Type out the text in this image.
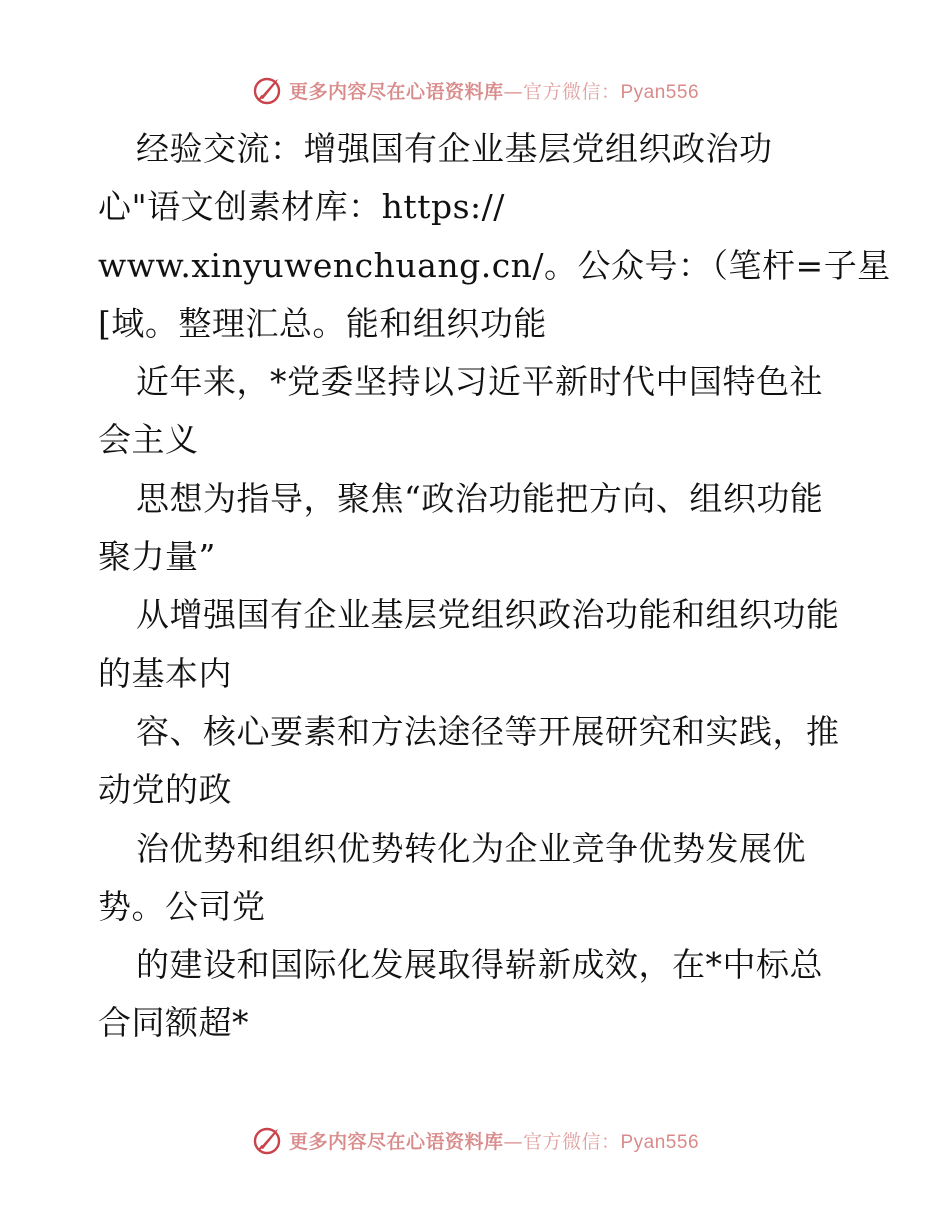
更多内容尽在心语资料库—官方微信：Pyan556
经验交流：增强国有企业基层党组织政治功
心"语文创素材库：https://
www.xinyuwenchuang.cn/。公众号：（笔杆=子星
[域。整理汇总。能和组织功能
近年来，*党委坚持以习近平新时代中国特色社
会主义
思想为指导，聚焦“政治功能把方向、组织功能
聚力量”
从增强国有企业基层党组织政治功能和组织功能
的基本内
容、核心要素和方法途径等开展研究和实践，推
动党的政
治优势和组织优势转化为企业竞争优势发展优
势。公司党
的建设和国际化发展取得崭新成效，在*中标总
合同额超*
更多内容尽在心语资料库—官方微信：Pyan556
